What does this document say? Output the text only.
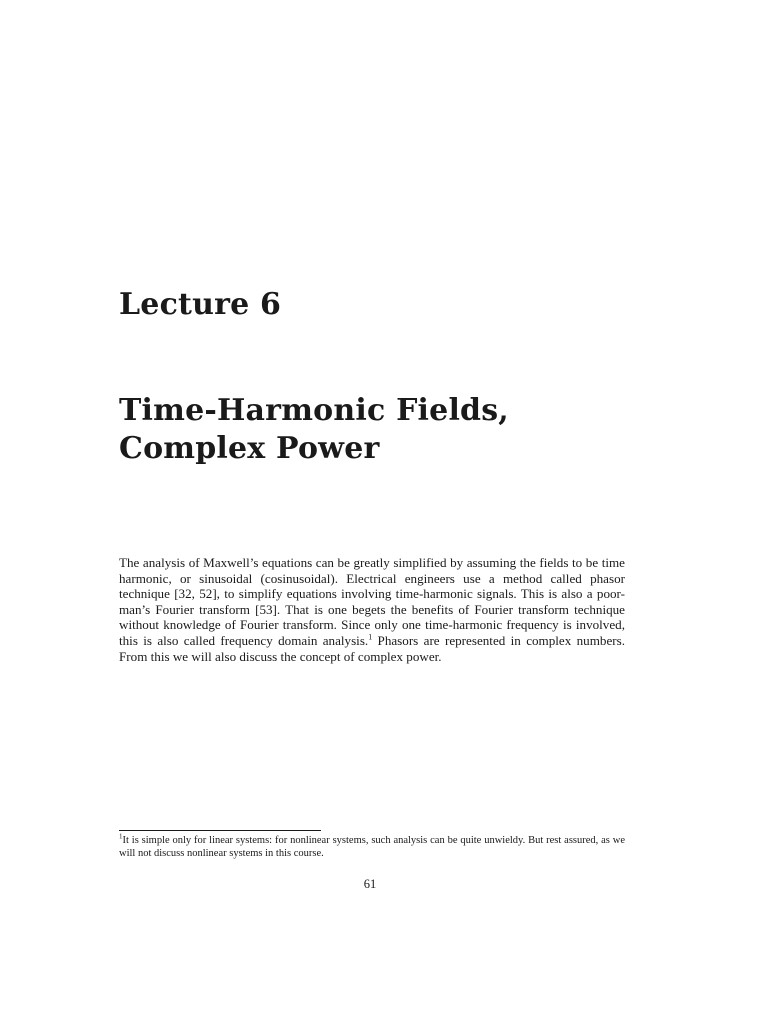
Lecture 6
Time-Harmonic Fields, Complex Power

The analysis of Maxwell’s equations can be greatly simplified by assuming the fields to be time harmonic, or sinusoidal (cosinusoidal). Electrical engineers use a method called phasor technique [32, 52], to simplify equations involving time-harmonic signals. This is also a poor-man’s Fourier transform [53]. That is one begets the benefits of Fourier transform technique without knowledge of Fourier transform. Since only one time-harmonic frequency is involved, this is also called frequency domain analysis.$^1$ Phasors are represented in complex numbers. From this we will also discuss the concept of complex power.

$^1$It is simple only for linear systems: for nonlinear systems, such analysis can be quite unwieldy. But rest assured, as we will not discuss nonlinear systems in this course.

61
